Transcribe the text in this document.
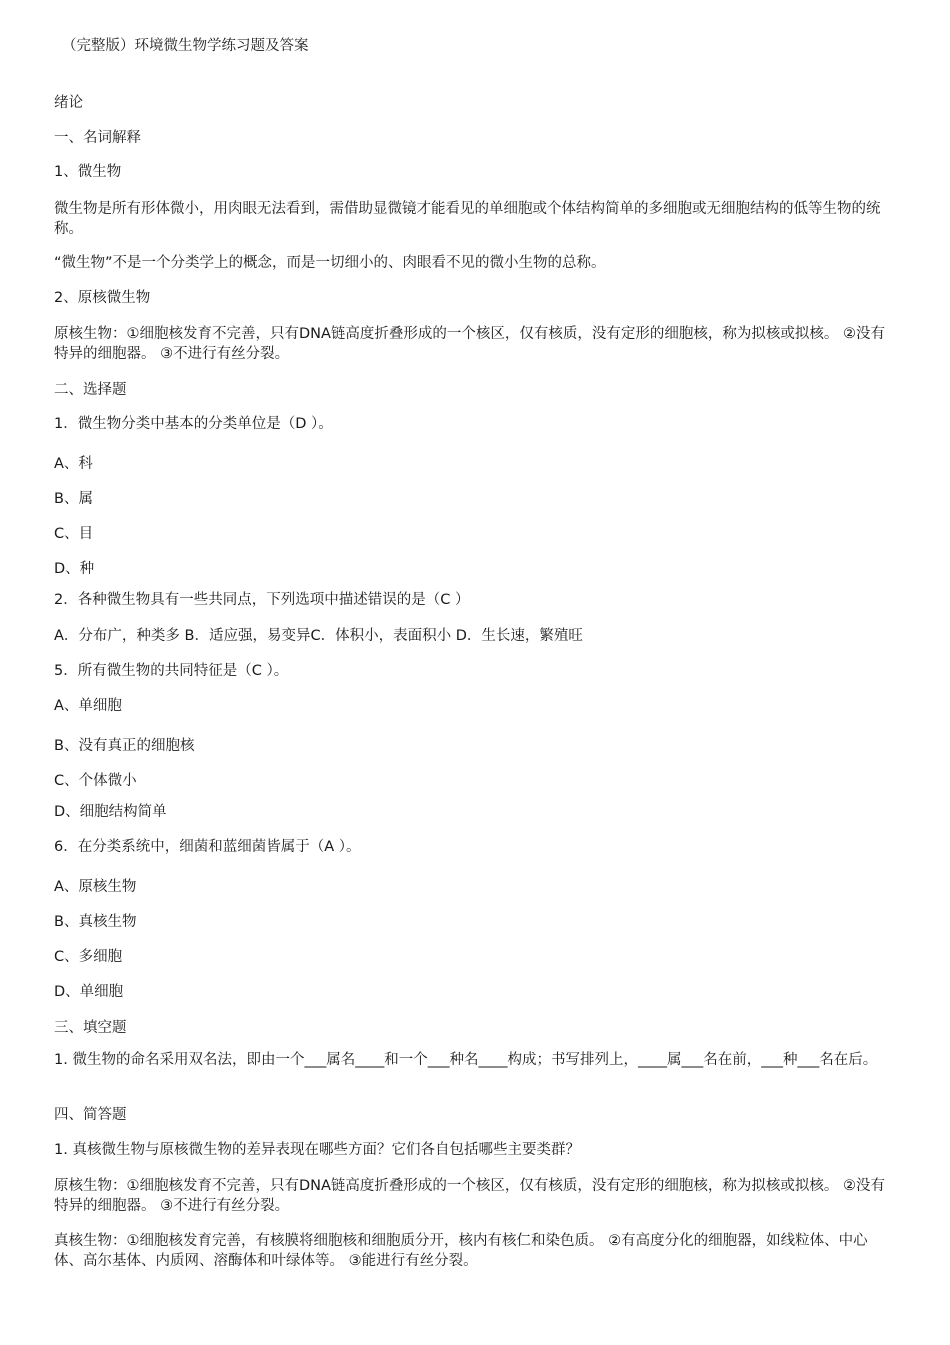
（完整版）环境微生物学练习题及答案
绪论
一、名词解释
1、微生物
微生物是所有形体微小，用肉眼无法看到，需借助显微镜才能看见的单细胞或个体结构简单的多细胞或无细胞结构的低等生物的统称。
“微生物”不是一个分类学上的概念，而是一切细小的、肉眼看不见的微小生物的总称。
2、原核微生物
原核生物：①细胞核发育不完善，只有DNA链高度折叠形成的一个核区，仅有核质，没有定形的细胞核，称为拟核或拟核。 ②没有特异的细胞器。 ③不进行有丝分裂。
二、选择题
1．微生物分类中基本的分类单位是（D ）。
A、科
B、属
C、目
D、种
2．各种微生物具有一些共同点，下列选项中描述错误的是（C ）
A．分布广，种类多 B．适应强，易变异C．体积小，表面积小 D．生长速，繁殖旺
5．所有微生物的共同特征是（C ）。
A、单细胞
B、没有真正的细胞核
C、个体微小
D、细胞结构简单
6．在分类系统中，细菌和蓝细菌皆属于（A ）。
A、原核生物
B、真核生物
C、多细胞
D、单细胞
三、填空题
1. 微生物的命名采用双名法，即由一个___属名____和一个___种名____构成；书写排列上，____属___名在前，___种___名在后。
四、简答题
1. 真核微生物与原核微生物的差异表现在哪些方面？它们各自包括哪些主要类群？
原核生物：①细胞核发育不完善，只有DNA链高度折叠形成的一个核区，仅有核质，没有定形的细胞核，称为拟核或拟核。 ②没有特异的细胞器。 ③不进行有丝分裂。
真核生物：①细胞核发育完善，有核膜将细胞核和细胞质分开，核内有核仁和染色质。 ②有高度分化的细胞器，如线粒体、中心体、高尔基体、内质网、溶酶体和叶绿体等。 ③能进行有丝分裂。
